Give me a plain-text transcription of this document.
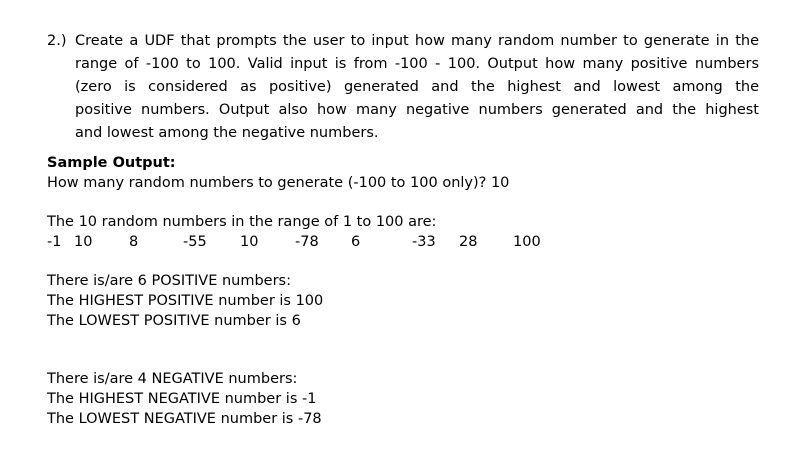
2.) Create a UDF that prompts the user to input how many random number to generate in the
range of -100 to 100. Valid input is from -100 - 100. Output how many positive numbers
(zero is considered as positive) generated and the highest and lowest among the
positive numbers. Output also how many negative numbers generated and the highest
and lowest among the negative numbers.
Sample Output:
How many random numbers to generate (-100 to 100 only)? 10
The 10 random numbers in the range of 1 to 100 are:
-1 10	8	-55 10	-78 6	-33 28 100
There is/are 6 POSITIVE numbers:
The HIGHEST POSITIVE number is 100
The LOWEST POSITIVE number is 6
There is/are 4 NEGATIVE numbers:
The HIGHEST NEGATIVE number is -1
The LOWEST NEGATIVE number is -78
